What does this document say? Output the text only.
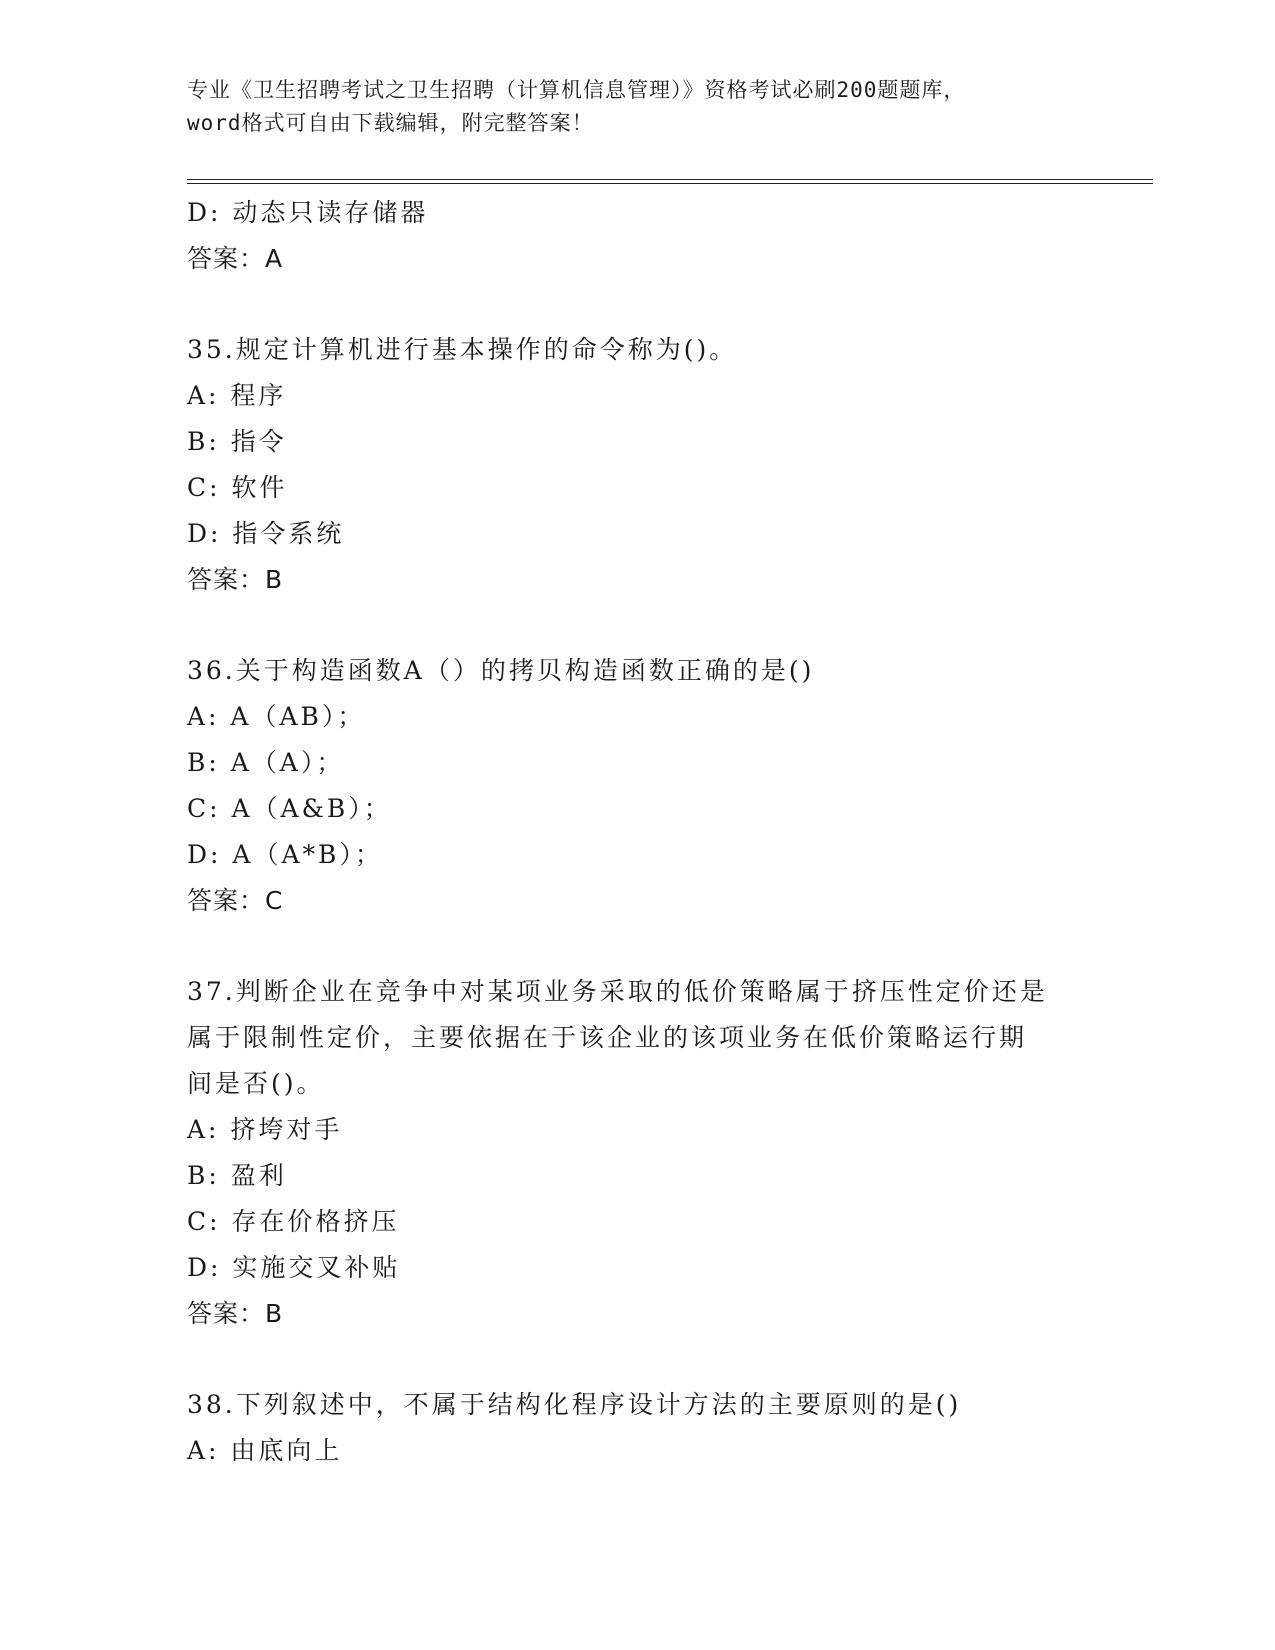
专业《卫生招聘考试之卫生招聘（计算机信息管理）》资格考试必刷200题题库，
word格式可自由下载编辑，附完整答案！
D: 动态只读存储器
答案：A
35.规定计算机进行基本操作的命令称为()。
A: 程序
B: 指令
C: 软件
D: 指令系统
答案：B
36.关于构造函数A（）的拷贝构造函数正确的是()
A: A（AB）；
B: A（A）；
C: A（A&B）；
D: A（A*B）；
答案：C
37.判断企业在竞争中对某项业务采取的低价策略属于挤压性定价还是
属于限制性定价，主要依据在于该企业的该项业务在低价策略运行期
间是否()。
A: 挤垮对手
B: 盈利
C: 存在价格挤压
D: 实施交叉补贴
答案：B
38.下列叙述中，不属于结构化程序设计方法的主要原则的是()
A: 由底向上
